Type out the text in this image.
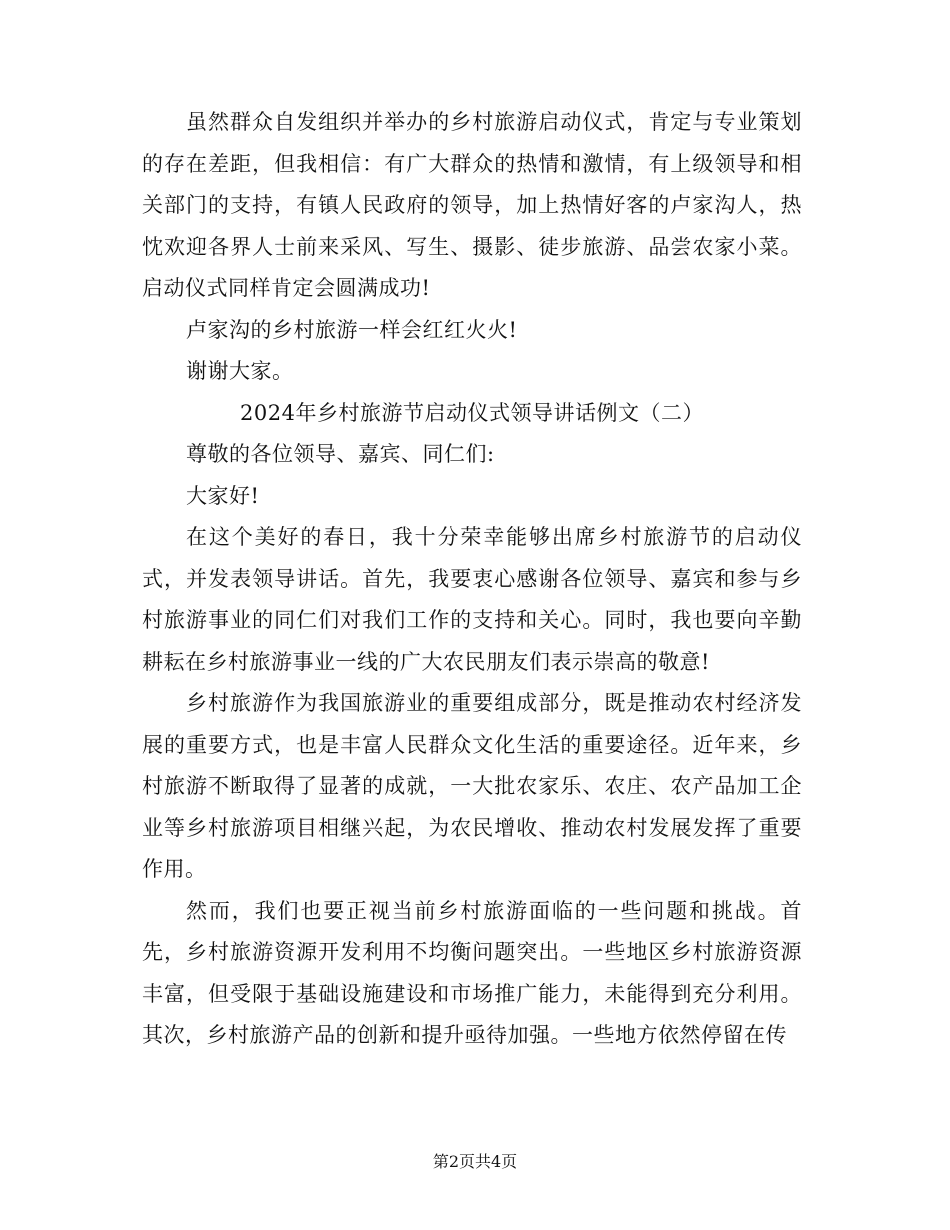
虽然群众自发组织并举办的乡村旅游启动仪式，肯定与专业策划的存在差距，但我相信：有广大群众的热情和激情，有上级领导和相关部门的支持，有镇人民政府的领导，加上热情好客的卢家沟人，热忱欢迎各界人士前来采风、写生、摄影、徒步旅游、品尝农家小菜。启动仪式同样肯定会圆满成功!

卢家沟的乡村旅游一样会红红火火!

谢谢大家。

2024年乡村旅游节启动仪式领导讲话例文（二）

尊敬的各位领导、嘉宾、同仁们:

大家好!

在这个美好的春日，我十分荣幸能够出席乡村旅游节的启动仪式，并发表领导讲话。首先，我要衷心感谢各位领导、嘉宾和参与乡村旅游事业的同仁们对我们工作的支持和关心。同时，我也要向辛勤耕耘在乡村旅游事业一线的广大农民朋友们表示崇高的敬意!

乡村旅游作为我国旅游业的重要组成部分，既是推动农村经济发展的重要方式，也是丰富人民群众文化生活的重要途径。近年来，乡村旅游不断取得了显著的成就，一大批农家乐、农庄、农产品加工企业等乡村旅游项目相继兴起，为农民增收、推动农村发展发挥了重要作用。

然而，我们也要正视当前乡村旅游面临的一些问题和挑战。首先，乡村旅游资源开发利用不均衡问题突出。一些地区乡村旅游资源丰富，但受限于基础设施建设和市场推广能力，未能得到充分利用。其次，乡村旅游产品的创新和提升亟待加强。一些地方依然停留在传

第2页共4页
